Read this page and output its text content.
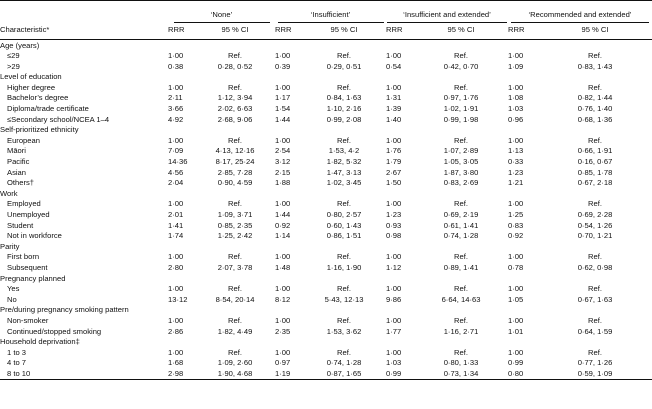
	‘None’		‘Insufficient’		‘Insufficient and extended’		‘Recommended and extended’	
Characteristic*	RRR	95 % CI	RRR	95 % CI	RRR	95 % CI	RRR	95 % CI
Age (years)								
≤29	1·00	Ref.	1·00	Ref.	1·00	Ref.	1·00	Ref.
>29	0·38	0·28, 0·52	0·39	0·29, 0·51	0·54	0·42, 0·70	1·09	0·83, 1·43
Level of education								
Higher degree	1·00	Ref.	1·00	Ref.	1·00	Ref.	1·00	Ref.
Bachelor’s degree	2·11	1·12, 3·94	1·17	0·84, 1·63	1·31	0·97, 1·76	1·08	0·82, 1·44
Diploma/trade certificate	3·66	2·02, 6·63	1·54	1·10, 2·16	1·39	1·02, 1·91	1·03	0·76, 1·40
≤Secondary school/NCEA 1–4	4·92	2·68, 9·06	1·44	0·99, 2·08	1·40	0·99, 1·98	0·96	0·68, 1·36
Self-prioritized ethnicity								
European	1·00	Ref.	1·00	Ref.	1·00	Ref.	1·00	Ref.
Māori	7·09	4·13, 12·16	2·54	1·53, 4·2	1·76	1·07, 2·89	1·13	0·66, 1·91
Pacific	14·36	8·17, 25·24	3·12	1·82, 5·32	1·79	1·05, 3·05	0·33	0·16, 0·67
Asian	4·56	2·85, 7·28	2·15	1·47, 3·13	2·67	1·87, 3·80	1·23	0·85, 1·78
Others†	2·04	0·90, 4·59	1·88	1·02, 3·45	1·50	0·83, 2·69	1·21	0·67, 2·18
Work								
Employed	1·00	Ref.	1·00	Ref.	1·00	Ref.	1·00	Ref.
Unemployed	2·01	1·09, 3·71	1·44	0·80, 2·57	1·23	0·69, 2·19	1·25	0·69, 2·28
Student	1·41	0·85, 2·35	0·92	0·60, 1·43	0·93	0·61, 1·41	0·83	0·54, 1·26
Not in workforce	1·74	1·25, 2·42	1·14	0·86, 1·51	0·98	0·74, 1·28	0·92	0·70, 1·21
Parity								
First born	1·00	Ref.	1·00	Ref.	1·00	Ref.	1·00	Ref.
Subsequent	2·80	2·07, 3·78	1·48	1·16, 1·90	1·12	0·89, 1·41	0·78	0·62, 0·98
Pregnancy planned								
Yes	1·00	Ref.	1·00	Ref.	1·00	Ref.	1·00	Ref.
No	13·12	8·54, 20·14	8·12	5·43, 12·13	9·86	6·64, 14·63	1·05	0·67, 1·63
Pre/during pregnancy smoking pattern								
Non-smoker	1·00	Ref.	1·00	Ref.	1·00	Ref.	1·00	Ref.
Continued/stopped smoking	2·86	1·82, 4·49	2·35	1·53, 3·62	1·77	1·16, 2·71	1·01	0·64, 1·59
Household deprivation‡								
1 to 3	1·00	Ref.	1·00	Ref.	1·00	Ref.	1·00	Ref.
4 to 7	1·68	1·09, 2·60	0·97	0·74, 1·28	1·03	0·80, 1·33	0·99	0·77, 1·26
8 to 10	2·98	1·90, 4·68	1·19	0·87, 1·65	0·99	0·73, 1·34	0·80	0·59, 1·09
